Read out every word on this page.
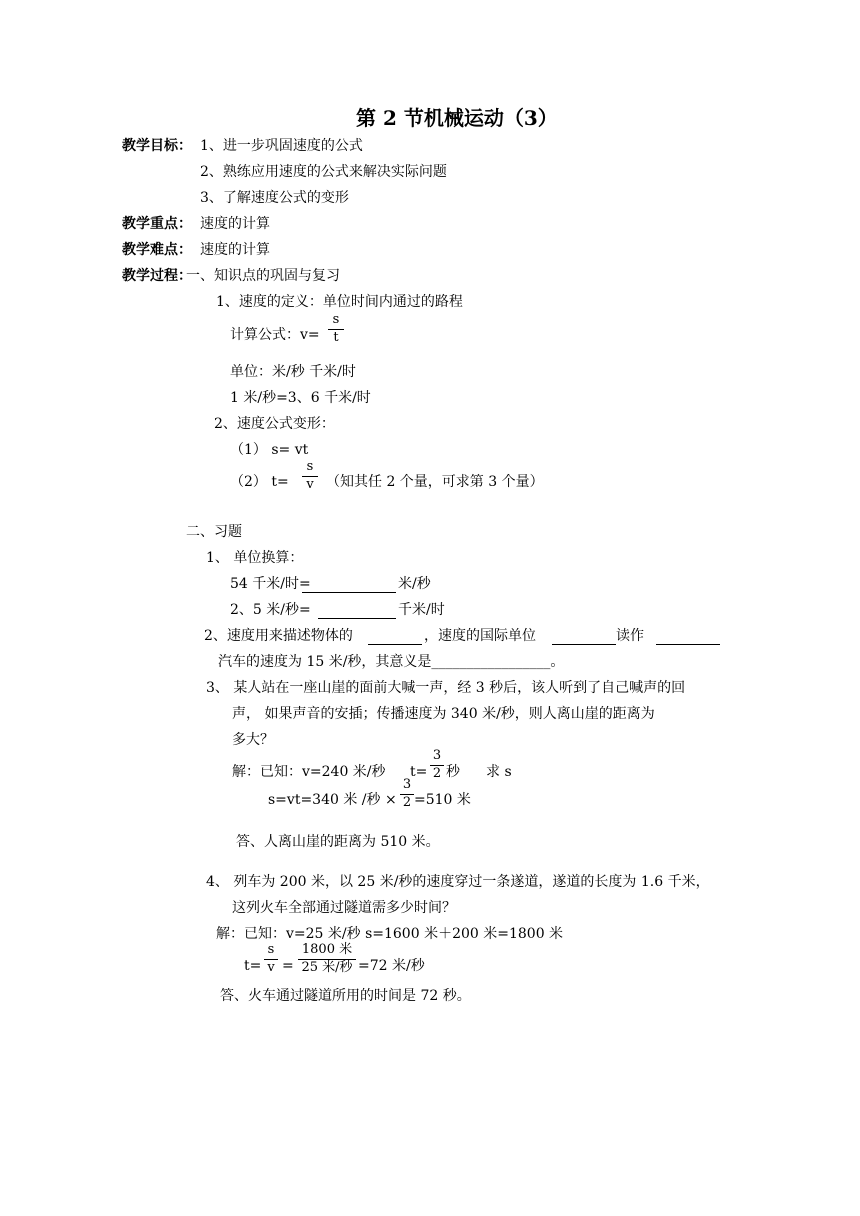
第 2 节机械运动（3）
教学目标： 1、进一步巩固速度的公式
2、熟练应用速度的公式来解决实际问题
3、了解速度公式的变形
教学重点： 速度的计算
教学难点： 速度的计算
教学过程：
一、知识点的巩固与复习
1、速度的定义：单位时间内通过的路程
计算公式：v=
s
t
单位：米/秒 千米/时
1 米/秒=3、6 千米/时
2、速度公式变形：
（1） s= vt
（2） t=
s
v （知其任 2 个量，可求第 3 个量）
二、习题
1、 单位换算：
54 千米/时=	米/秒
2、5 米/秒=	千米/时
2、速度用来描述物体的	，速度的国际单位	读作
汽车的速度为 15 米/秒，其意义是_________________。
3、 某人站在一座山崖的面前大喊一声，经 3 秒后，该人听到了自己喊声的回
声， 如果声音的安插；传播速度为 340 米/秒，则人离山崖的距离为
多大？
解：已知：v=240 米/秒 t=
3
2 秒 求 s
s=vt=340 米 /秒 ×
3
2 =510 米
答、人离山崖的距离为 510 米。
4、 列车为 200 米，以 25 米/秒的速度穿过一条遂道，遂道的长度为 1.6 千米，
这列火车全部通过隧道需多少时间？
解：已知：v=25 米/秒 s=1600 米＋200 米=1800 米
t=
s
v =
1800 米
25 米/秒 =72 米/秒
答、火车通过隧道所用的时间是 72 秒。
